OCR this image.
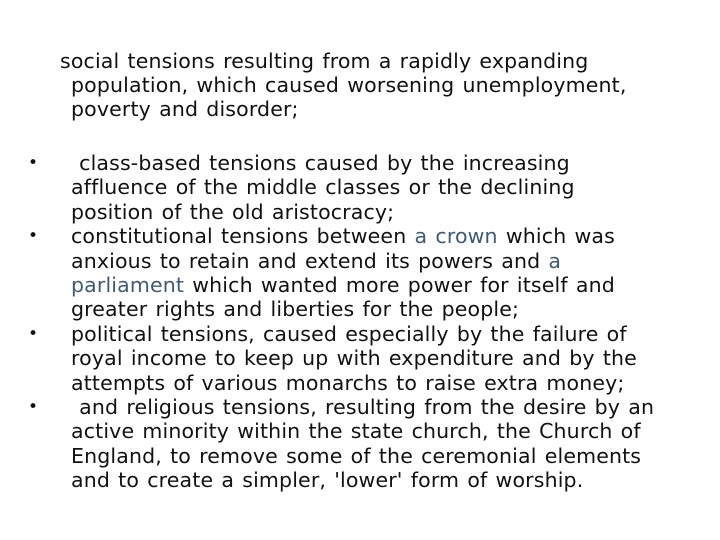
social tensions resulting from a rapidly expanding
population, which caused worsening unemployment,
poverty and disorder;
• class-based tensions caused by the increasing
affluence of the middle classes or the declining
position of the old aristocracy;
• constitutional tensions between a crown which was
anxious to retain and extend its powers and a
parliament which wanted more power for itself and
greater rights and liberties for the people;
• political tensions, caused especially by the failure of
royal income to keep up with expenditure and by the
attempts of various monarchs to raise extra money;
• and religious tensions, resulting from the desire by an
active minority within the state church, the Church of
England, to remove some of the ceremonial elements
and to create a simpler, 'lower' form of worship.
